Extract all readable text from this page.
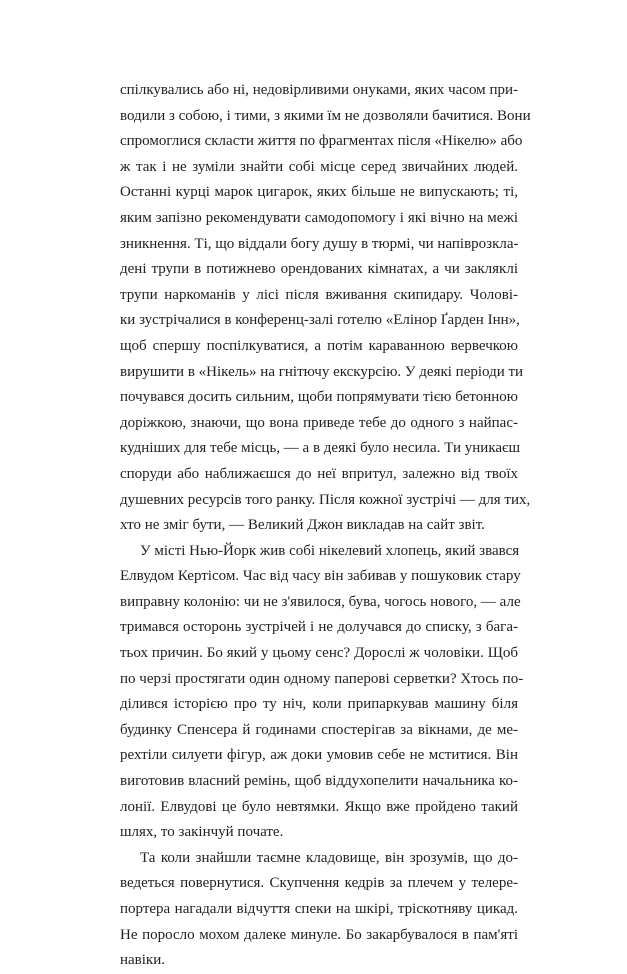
спілкувались або ні, недовірливими онуками, яких часом при-
водили з собою, і тими, з якими їм не дозволяли бачитися. Вони
спромоглися скласти життя по фрагментах після «Нікелю» або
ж так і не зуміли знайти собі місце серед звичайних людей.
Останні курці марок цигарок, яких більше не випускають; ті,
яким запізно рекомендувати самодопомогу і які вічно на межі
зникнення. Ті, що віддали богу душу в тюрмі, чи напіврозкла-
дені трупи в потижнево орендованих кімнатах, а чи закляклі
трупи наркоманів у лісі після вживання скипидару. Чолові-
ки зустрічалися в конференц-залі готелю «Елінор Ґарден Інн»,
щоб спершу поспілкуватися, а потім караванною вервечкою
вирушити в «Нікель» на гнітючу екскурсію. У деякі періоди ти
почувався досить сильним, щоби попрямувати тією бетонною
доріжкою, знаючи, що вона приведе тебе до одного з найпас-
кудніших для тебе місць, — а в деякі було несила. Ти уникаєш
споруди або наближаєшся до неї впритул, залежно від твоїх
душевних ресурсів того ранку. Після кожної зустрічі — для тих,
хто не зміг бути, — Великий Джон викладав на сайт звіт.
У місті Нью-Йорк жив собі нікелевий хлопець, який звався
Елвудом Кертісом. Час від часу він забивав у пошуковик стару
виправну колонію: чи не з'явилося, бува, чогось нового, — але
тримався осторонь зустрічей і не долучався до списку, з бага-
тьох причин. Бо який у цьому сенс? Дорослі ж чоловіки. Щоб
по черзі простягати один одному паперові серветки? Хтось по-
ділився історією про ту ніч, коли припаркував машину біля
будинку Спенсера й годинами спостерігав за вікнами, де ме-
рехтіли силуети фігур, аж доки умовив себе не мститися. Він
виготовив власний ремінь, щоб віддухопелити начальника ко-
лонії. Елвудові це було невтямки. Якщо вже пройдено такий
шлях, то закінчуй почате.
Та коли знайшли таємне кладовище, він зрозумів, що до-
ведеться повернутися. Скупчення кедрів за плечем у телере-
портера нагадали відчуття спеки на шкірі, тріскотняву цикад.
Не поросло мохом далеке минуле. Бо закарбувалося в пам'яті
навіки.
